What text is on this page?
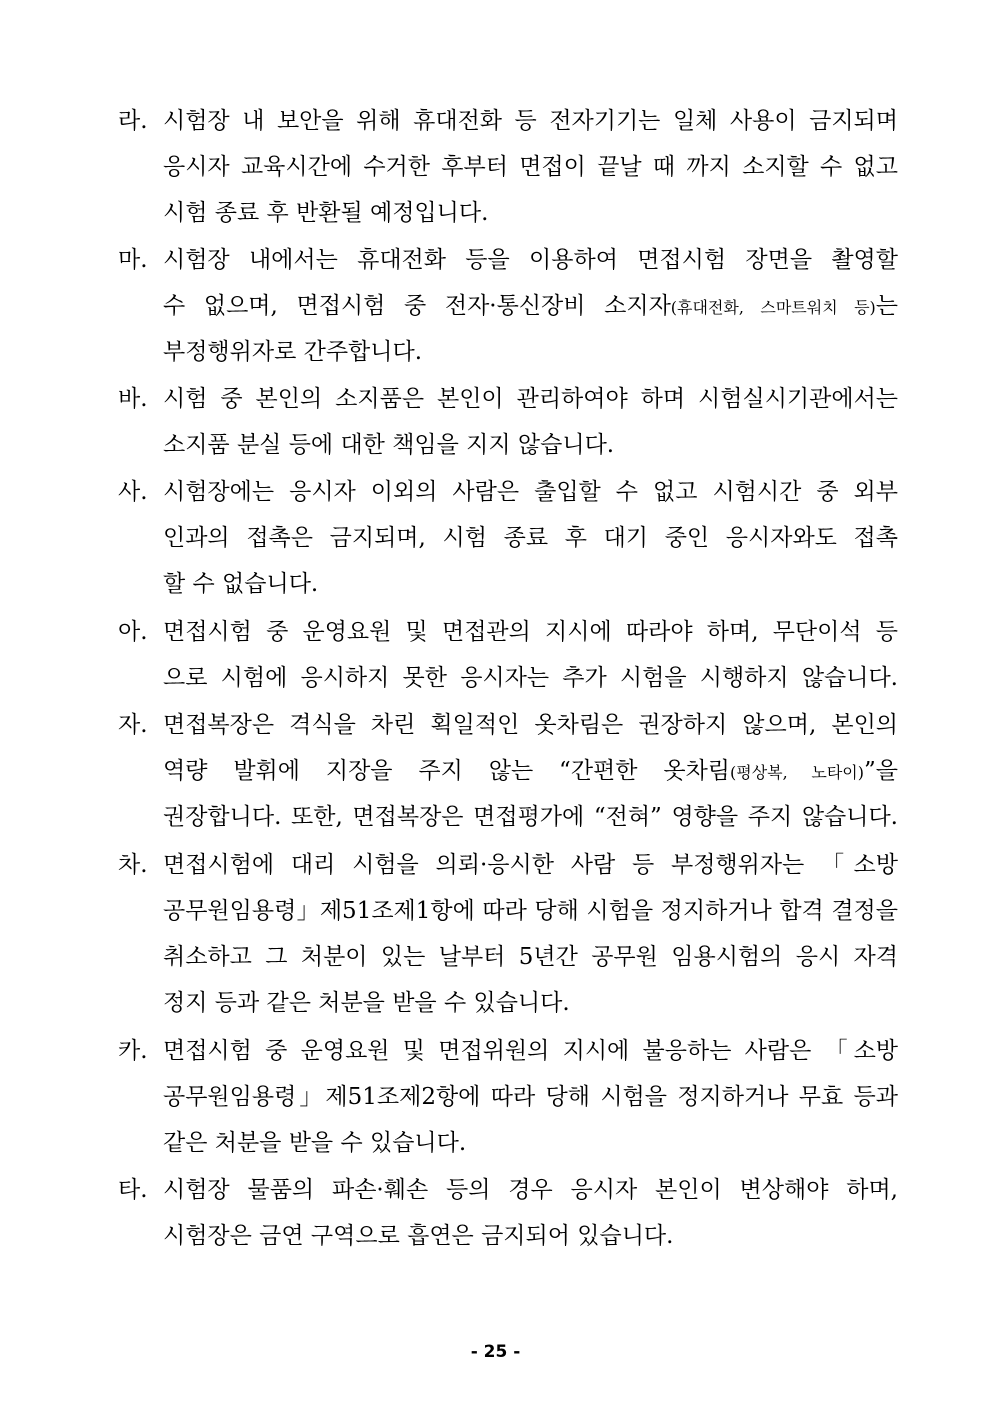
라. 시험장 내 보안을 위해 휴대전화 등 전자기기는 일체 사용이 금지되며
응시자 교육시간에 수거한 후부터 면접이 끝날 때 까지 소지할 수 없고
시험 종료 후 반환될 예정입니다.
마. 시험장 내에서는 휴대전화 등을 이용하여 면접시험 장면을 촬영할
수 없으며, 면접시험 중 전자·통신장비 소지자(휴대전화, 스마트워치 등)는
부정행위자로 간주합니다.
바. 시험 중 본인의 소지품은 본인이 관리하여야 하며 시험실시기관에서는
소지품 분실 등에 대한 책임을 지지 않습니다.
사. 시험장에는 응시자 이외의 사람은 출입할 수 없고 시험시간 중 외부
인과의 접촉은 금지되며, 시험 종료 후 대기 중인 응시자와도 접촉
할 수 없습니다.
아. 면접시험 중 운영요원 및 면접관의 지시에 따라야 하며, 무단이석 등
으로 시험에 응시하지 못한 응시자는 추가 시험을 시행하지 않습니다.
자. 면접복장은 격식을 차린 획일적인 옷차림은 권장하지 않으며, 본인의
역량 발휘에 지장을 주지 않는 “간편한 옷차림(평상복, 노타이)”을
권장합니다. 또한, 면접복장은 면접평가에 “전혀” 영향을 주지 않습니다.
차. 면접시험에 대리 시험을 의뢰·응시한 사람 등 부정행위자는 「소방
공무원임용령」제51조제1항에 따라 당해 시험을 정지하거나 합격 결정을
취소하고 그 처분이 있는 날부터 5년간 공무원 임용시험의 응시 자격
정지 등과 같은 처분을 받을 수 있습니다.
카. 면접시험 중 운영요원 및 면접위원의 지시에 불응하는 사람은 「소방
공무원임용령」제51조제2항에 따라 당해 시험을 정지하거나 무효 등과
같은 처분을 받을 수 있습니다.
타. 시험장 물품의 파손·훼손 등의 경우 응시자 본인이 변상해야 하며,
시험장은 금연 구역으로 흡연은 금지되어 있습니다.
- 25 -
